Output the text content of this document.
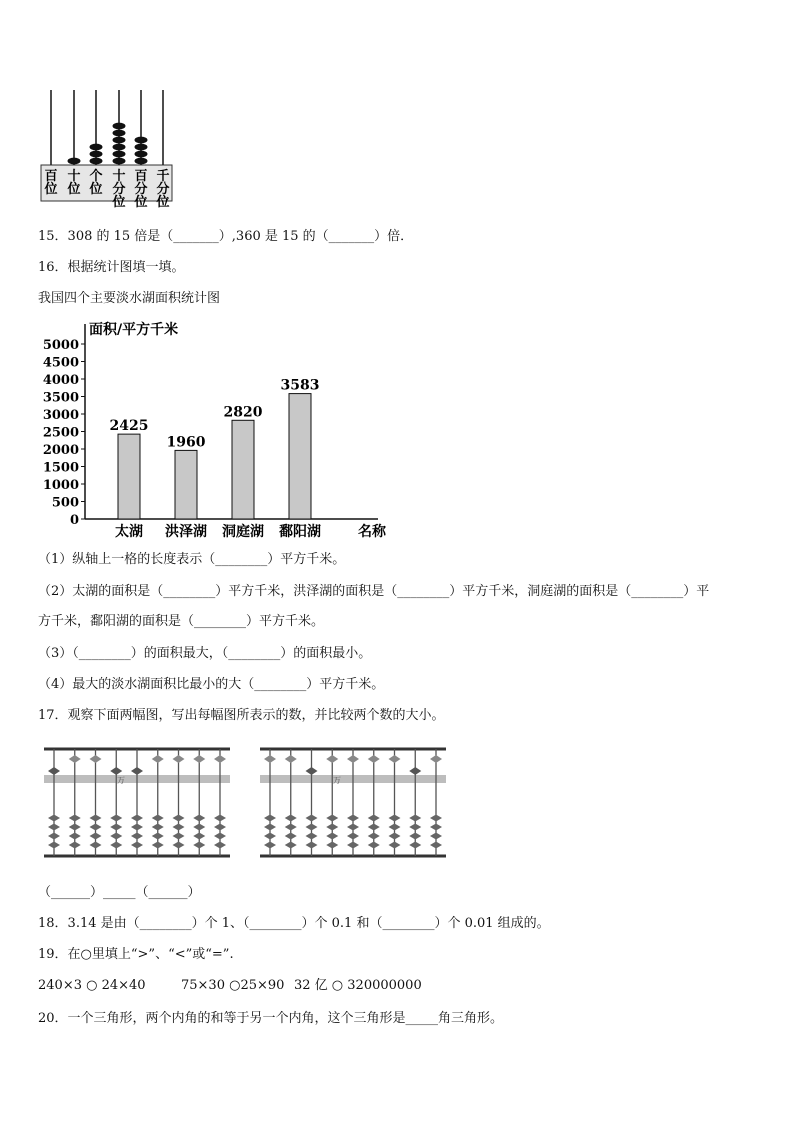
百
位
十
位
个
位
十
分
位
百
分
位
千
分
位
15．308 的 15 倍是（_______）,360 是 15 的（_______）倍．
16．根据统计图填一填。
我国四个主要淡水湖面积统计图
面积/平方千米
0
500
1000
1500
2000
2500
3000
3500
4000
4500
5000
2425
太湖
1960
洪泽湖
2820
洞庭湖
3583
鄱阳湖	名称
（1）纵轴上一格的长度表示（________）平方千米。
（2）太湖的面积是（________）平方千米，洪泽湖的面积是（________）平方千米，洞庭湖的面积是（________）平
方千米，鄱阳湖的面积是（________）平方千米。
（3）（________）的面积最大，（________）的面积最小。
（4）最大的淡水湖面积比最小的大（________）平方千米。
17．观察下面两幅图，写出每幅图所表示的数，并比较两个数的大小。
万	万
（______）_____（______）
18．3.14 是由（________）个 1、（________）个 0.1 和（________）个 0.01 组成的。
19．在○里填上“>”、“<”或“=”.
240×3 ○ 24×40	75×30 ○25×90 32 亿 ○ 320000000
20．一个三角形，两个内角的和等于另一个内角，这个三角形是_____角三角形。
